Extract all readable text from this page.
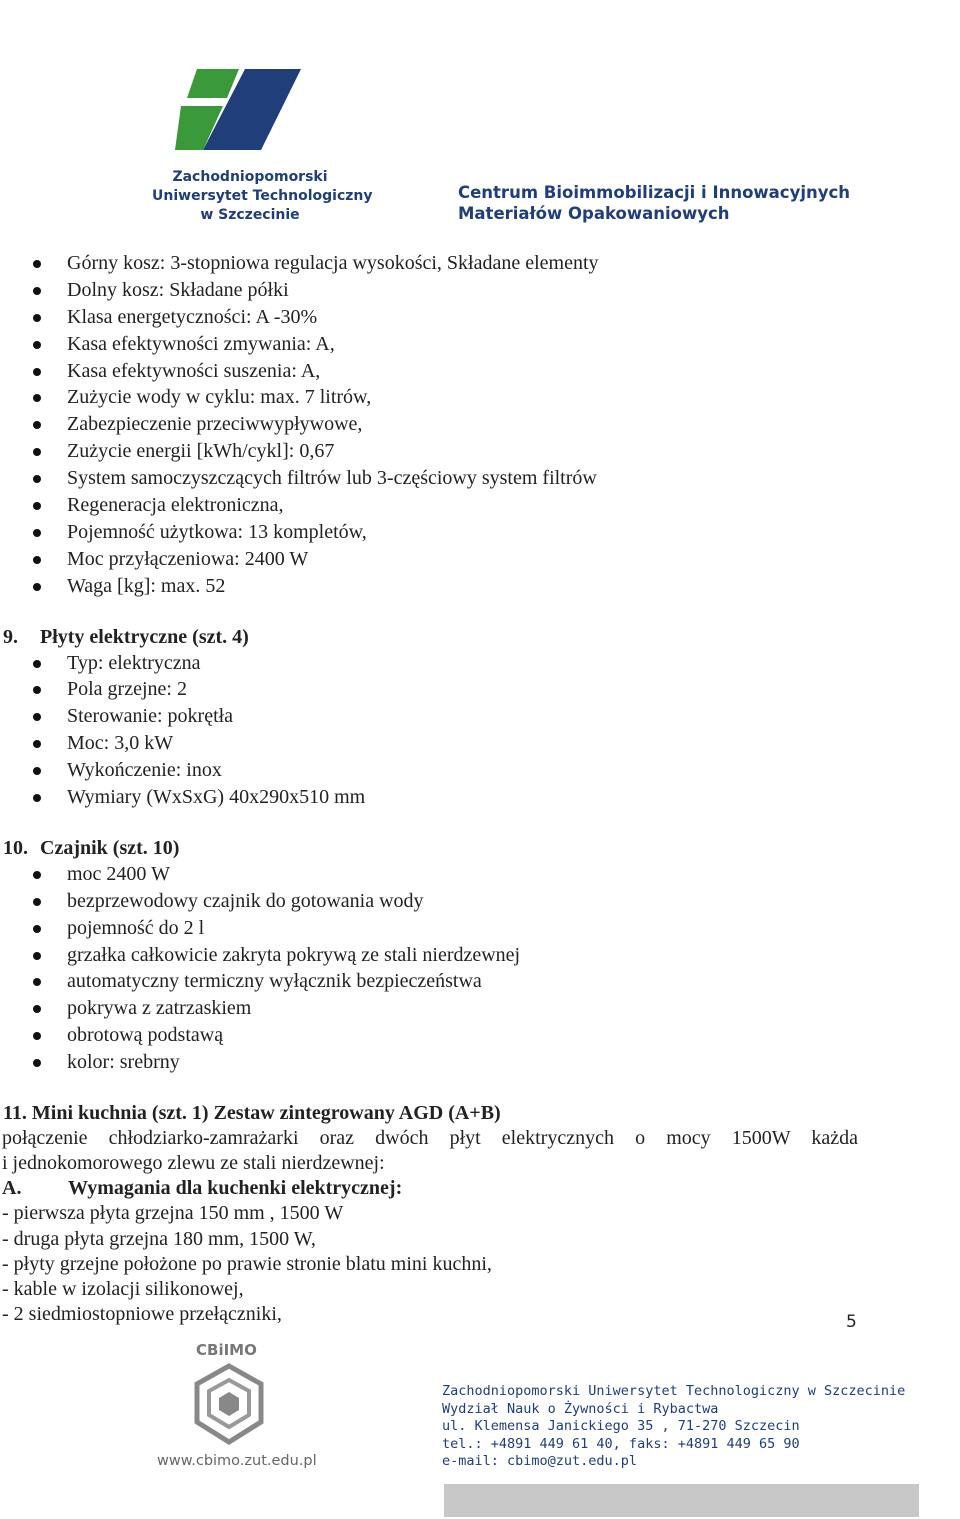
Zachodniopomorski
Uniwersytet Technologiczny
w Szczecinie
Centrum Bioimmobilizacji i Innowacyjnych
Materiałów Opakowaniowych
Górny kosz: 3-stopniowa regulacja wysokości, Składane elementy
Dolny kosz: Składane półki
Klasa energetyczności: A -30%
Kasa efektywności zmywania: A,
Kasa efektywności suszenia: A,
Zużycie wody w cyklu: max. 7 litrów,
Zabezpieczenie przeciwwypływowe,
Zużycie energii [kWh/cykl]: 0,67
System samoczyszczących filtrów lub 3-częściowy system filtrów
Regeneracja elektroniczna,
Pojemność użytkowa: 13 kompletów,
Moc przyłączeniowa: 2400 W
Waga [kg]: max. 52
9. Płyty elektryczne (szt. 4)
Typ: elektryczna
Pola grzejne: 2
Sterowanie: pokrętła
Moc: 3,0 kW
Wykończenie: inox
Wymiary (WxSxG) 40x290x510 mm
10. Czajnik (szt. 10)
moc 2400 W
bezprzewodowy czajnik do gotowania wody
pojemność do 2 l
grzałka całkowicie zakryta pokrywą ze stali nierdzewnej
automatyczny termiczny wyłącznik bezpieczeństwa
pokrywa z zatrzaskiem
obrotową podstawą
kolor: srebrny
11. Mini kuchnia (szt. 1) Zestaw zintegrowany AGD (A+B)
połączenie chłodziarko-zamrażarki oraz dwóch płyt elektrycznych o mocy 1500W każda
i jednokomorowego zlewu ze stali nierdzewnej:
A. Wymagania dla kuchenki elektrycznej:
- pierwsza płyta grzejna 150 mm , 1500 W
- druga płyta grzejna 180 mm, 1500 W,
- płyty grzejne położone po prawie stronie blatu mini kuchni,
- kable w izolacji silikonowej,
- 2 siedmiostopniowe przełączniki,	5
CBiIMO
www.cbimo.zut.edu.pl
Zachodniopomorski Uniwersytet Technologiczny w Szczecinie
Wydział Nauk o Żywności i Rybactwa
ul. Klemensa Janickiego 35 , 71-270 Szczecin
tel.: +4891 449 61 40, faks: +4891 449 65 90
e-mail: cbimo@zut.edu.pl
